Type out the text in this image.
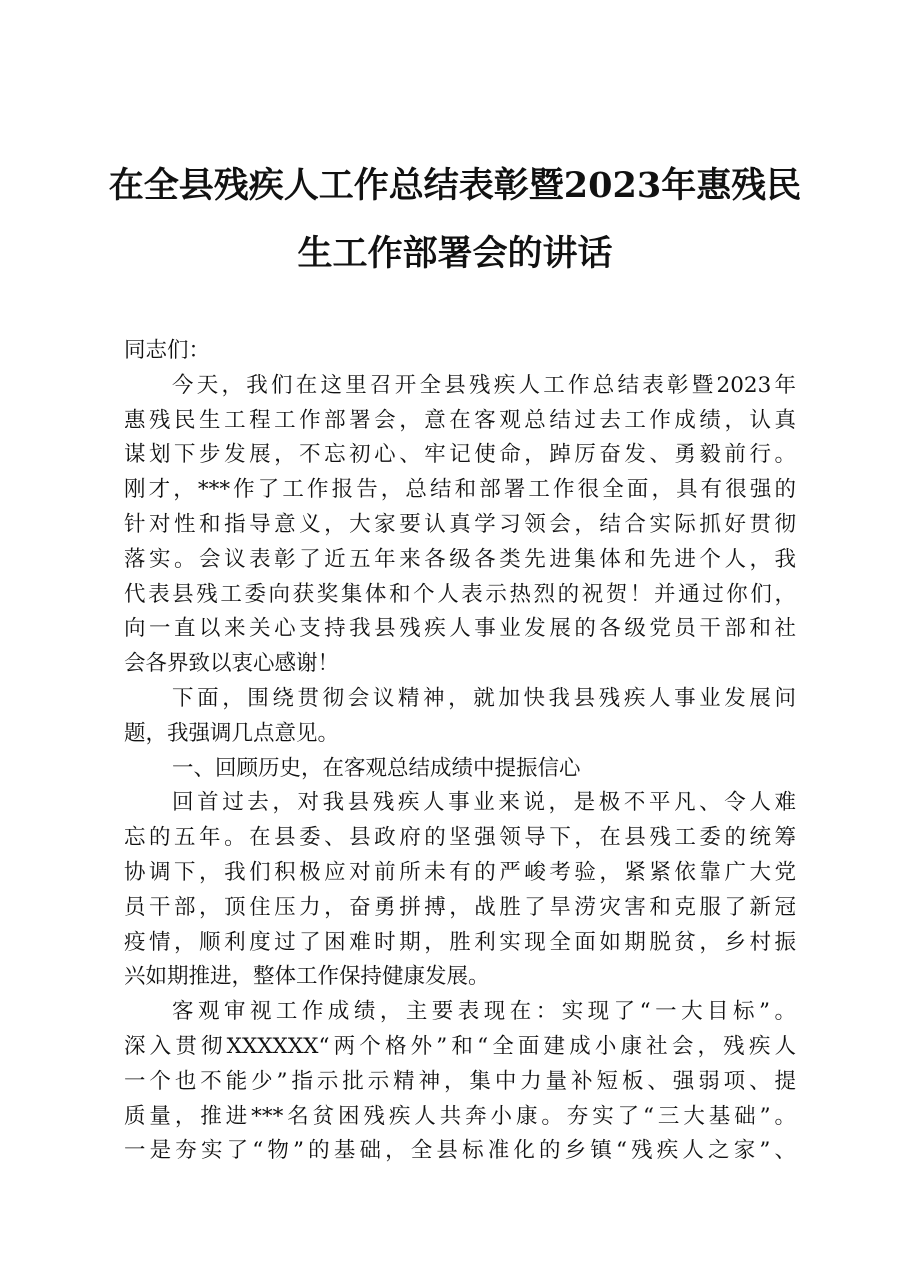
在全县残疾人工作总结表彰暨2023年惠残民
生工作部署会的讲话
同志们：
今天，我们在这里召开全县残疾人工作总结表彰暨2023年
惠残民生工程工作部署会，意在客观总结过去工作成绩，认真
谋划下步发展，不忘初心、牢记使命，踔厉奋发、勇毅前行。
刚才，***作了工作报告，总结和部署工作很全面，具有很强的
针对性和指导意义，大家要认真学习领会，结合实际抓好贯彻
落实。会议表彰了近五年来各级各类先进集体和先进个人，我
代表县残工委向获奖集体和个人表示热烈的祝贺！并通过你们，
向一直以来关心支持我县残疾人事业发展的各级党员干部和社
会各界致以衷心感谢！
下面，围绕贯彻会议精神，就加快我县残疾人事业发展问
题，我强调几点意见。
一、回顾历史，在客观总结成绩中提振信心
回首过去，对我县残疾人事业来说，是极不平凡、令人难
忘的五年。在县委、县政府的坚强领导下，在县残工委的统筹
协调下，我们积极应对前所未有的严峻考验，紧紧依靠广大党
员干部，顶住压力，奋勇拼搏，战胜了旱涝灾害和克服了新冠
疫情，顺利度过了困难时期，胜利实现全面如期脱贫，乡村振
兴如期推进，整体工作保持健康发展。
客观审视工作成绩，主要表现在：实现了“一大目标”。
深入贯彻XXXXXX“两个格外”和“全面建成小康社会，残疾人
一个也不能少”指示批示精神，集中力量补短板、强弱项、提
质量，推进***名贫困残疾人共奔小康。夯实了“三大基础”。
一是夯实了“物”的基础，全县标准化的乡镇“残疾人之家”、
